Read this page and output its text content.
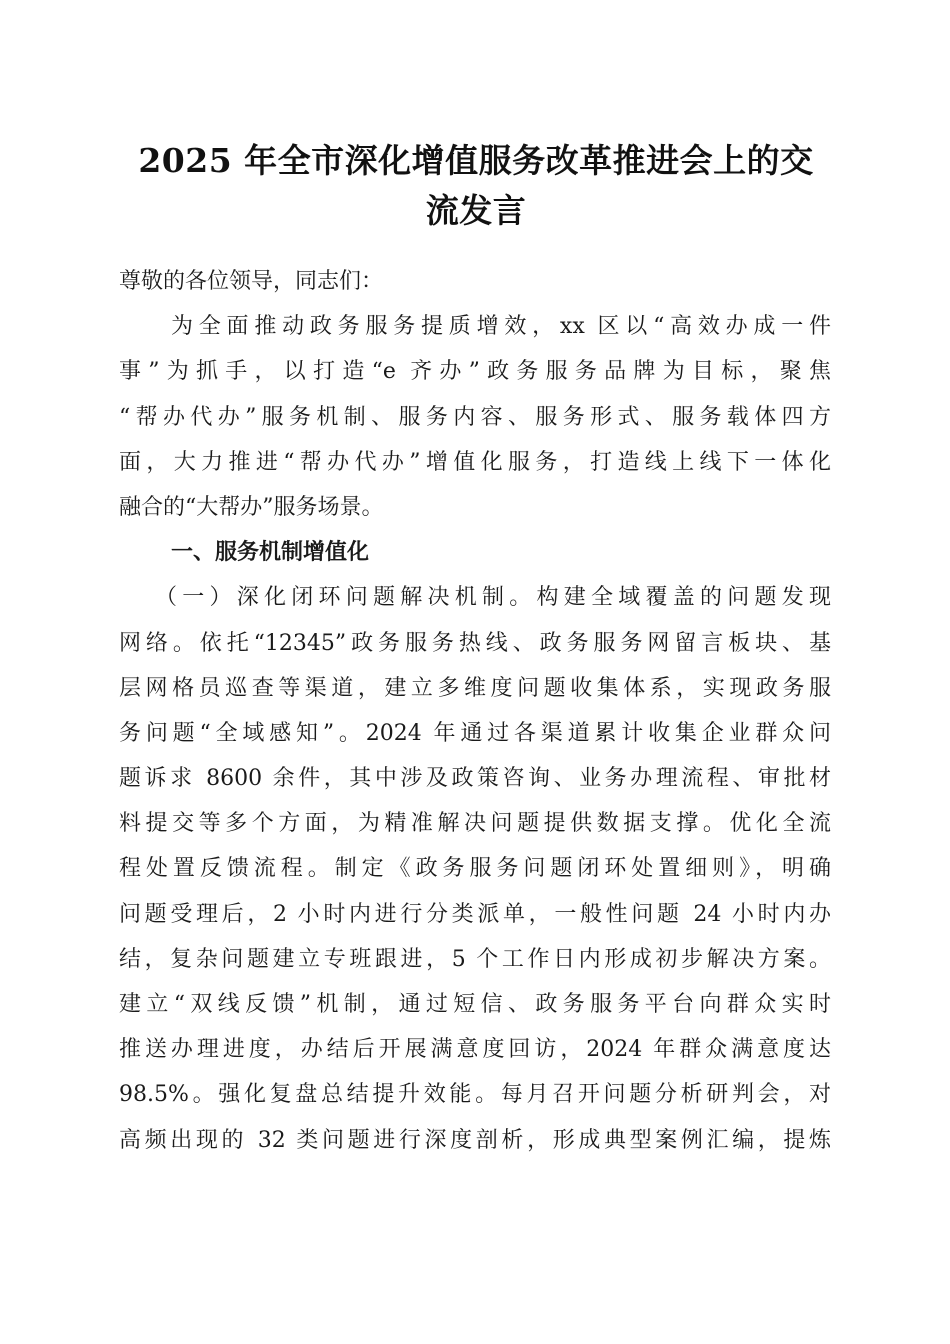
2025 年全市深化增值服务改革推进会上的交
流发言
尊敬的各位领导，同志们：
为全面推动政务服务提质增效，xx 区以“高效办成一件
事”为抓手，以打造“e 齐办”政务服务品牌为目标，聚焦
“帮办代办”服务机制、服务内容、服务形式、服务载体四方
面，大力推进“帮办代办”增值化服务，打造线上线下一体化
融合的“大帮办”服务场景。
一、服务机制增值化
（一）深化闭环问题解决机制。构建全域覆盖的问题发现
网络。依托“12345”政务服务热线、政务服务网留言板块、基
层网格员巡查等渠道，建立多维度问题收集体系，实现政务服
务问题“全域感知”。2024 年通过各渠道累计收集企业群众问
题诉求 8600 余件，其中涉及政策咨询、业务办理流程、审批材
料提交等多个方面，为精准解决问题提供数据支撑。优化全流
程处置反馈流程。制定《政务服务问题闭环处置细则》，明确
问题受理后，2 小时内进行分类派单，一般性问题 24 小时内办
结，复杂问题建立专班跟进，5 个工作日内形成初步解决方案。
建立“双线反馈”机制，通过短信、政务服务平台向群众实时
推送办理进度，办结后开展满意度回访，2024 年群众满意度达
98.5%。强化复盘总结提升效能。每月召开问题分析研判会，对
高频出现的 32 类问题进行深度剖析，形成典型案例汇编，提炼
